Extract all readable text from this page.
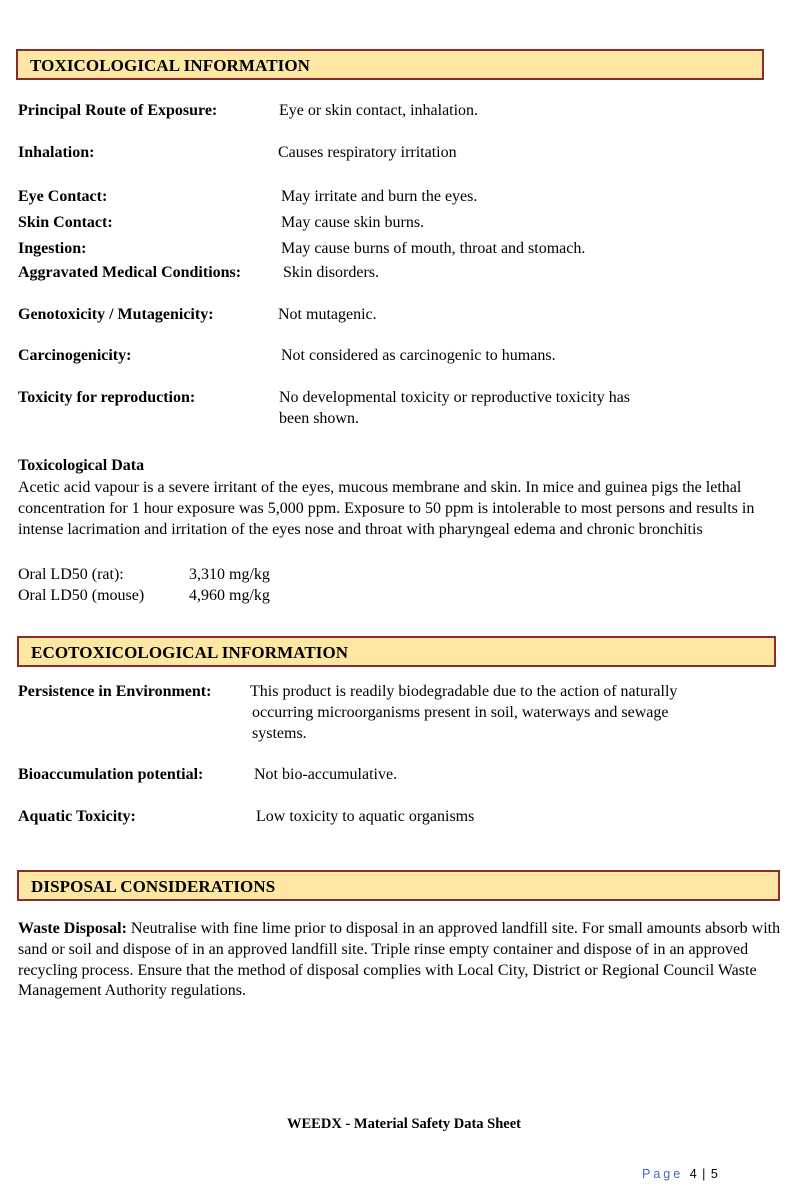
TOXICOLOGICAL INFORMATION
Principal Route of Exposure:	Eye or skin contact, inhalation.
Inhalation:	Causes respiratory irritation
Eye Contact:	May irritate and burn the eyes.
Skin Contact:	May cause skin burns.
Ingestion:	May cause burns of mouth, throat and stomach.
Aggravated Medical Conditions:	Skin disorders.
Genotoxicity / Mutagenicity:	Not mutagenic.
Carcinogenicity:	Not considered as carcinogenic to humans.
Toxicity for reproduction:	No developmental toxicity or reproductive toxicity has
been shown.
Toxicological Data
Acetic acid vapour is a severe irritant of the eyes, mucous membrane and skin. In mice and guinea pigs the lethal concentration for 1 hour exposure was 5,000 ppm. Exposure to 50 ppm is intolerable to most persons and results in intense lacrimation and irritation of the eyes nose and throat with pharyngeal edema and chronic bronchitis
Oral LD50 (rat):	3,310 mg/kg
Oral LD50 (mouse)	4,960 mg/kg
ECOTOXICOLOGICAL INFORMATION
Persistence in Environment: This product is readily biodegradable due to the action of naturally
occurring microorganisms present in soil, waterways and sewage
systems.
Bioaccumulation potential:	Not bio-accumulative.
Aquatic Toxicity:	Low toxicity to aquatic organisms
DISPOSAL CONSIDERATIONS
Waste Disposal: Neutralise with fine lime prior to disposal in an approved landfill site. For small amounts absorb with sand or soil and dispose of in an approved landfill site. Triple rinse empty container and dispose of in an approved recycling process. Ensure that the method of disposal complies with Local City, District or Regional Council Waste Management Authority regulations.
WEEDX - Material Safety Data Sheet
Page 4 | 5
